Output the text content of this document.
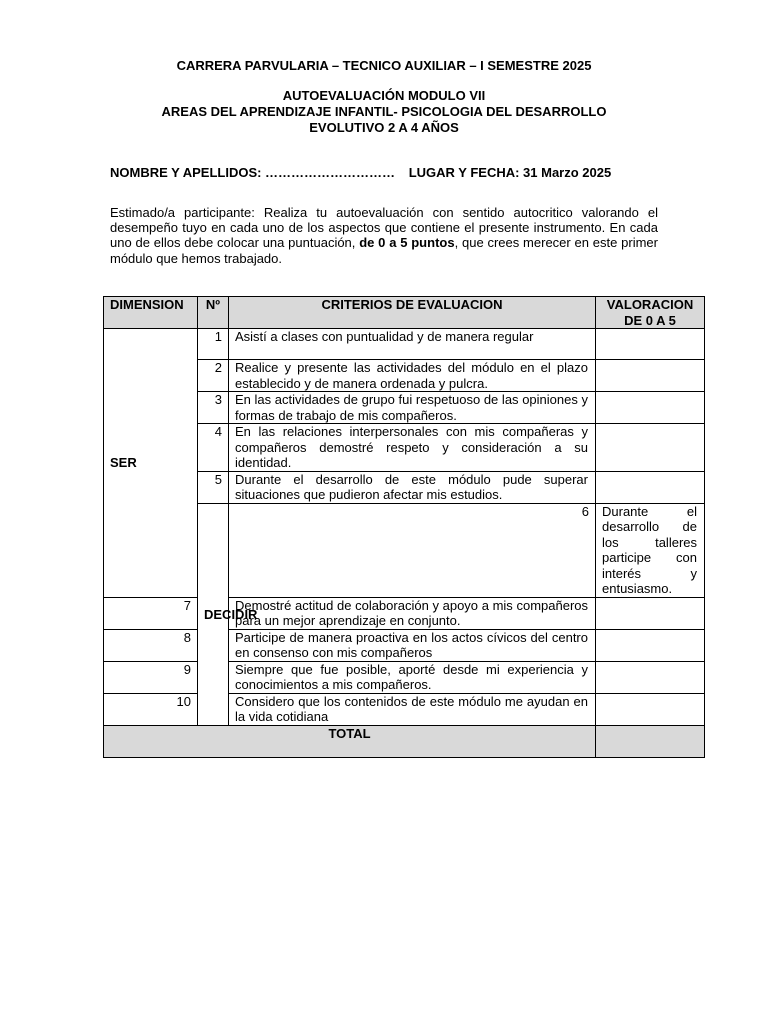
CARRERA PARVULARIA – TECNICO AUXILIAR – I SEMESTRE 2025
AUTOEVALUACIÓN MODULO VII
AREAS DEL APRENDIZAJE INFANTIL- PSICOLOGIA DEL DESARROLLO
EVOLUTIVO 2 A 4 AÑOS
NOMBRE Y APELLIDOS: ………………………… LUGAR Y FECHA: 31 Marzo 2025
Estimado/a participante: Realiza tu autoevaluación con sentido autocritico valorando el desempeño tuyo en cada uno de los aspectos que contiene el presente instrumento. En cada uno de ellos debe colocar una puntuación, de 0 a 5 puntos, que crees merecer en este primer módulo que hemos trabajado.
DIMENSION	Nº	CRITERIOS DE EVALUACION	VALORACION DE 0 A 5	
SER	1	Asistí a clases con puntualidad y de manera regular		
	2	Realice y presente las actividades del módulo en el plazo establecido y de manera ordenada y pulcra.		
	3	En las actividades de grupo fui respetuoso de las opiniones y formas de trabajo de mis compañeros.		
	4	En las relaciones interpersonales con mis compañeras y compañeros demostré respeto y consideración a su identidad.		
	5	Durante el desarrollo de este módulo pude superar situaciones que pudieron afectar mis estudios.		
	DECIDIR	6	Durante el desarrollo de los talleres participe con interés y entusiasmo.	
7		Demostré actitud de colaboración y apoyo a mis compañeros para un mejor aprendizaje en conjunto.		
8		Participe de manera proactiva en los actos cívicos del centro en consenso con mis compañeros		
9		Siempre que fue posible, aporté desde mi experiencia y conocimientos a mis compañeros.		
10		Considero que los contenidos de este módulo me ayudan en la vida cotidiana		
TOTAL				
